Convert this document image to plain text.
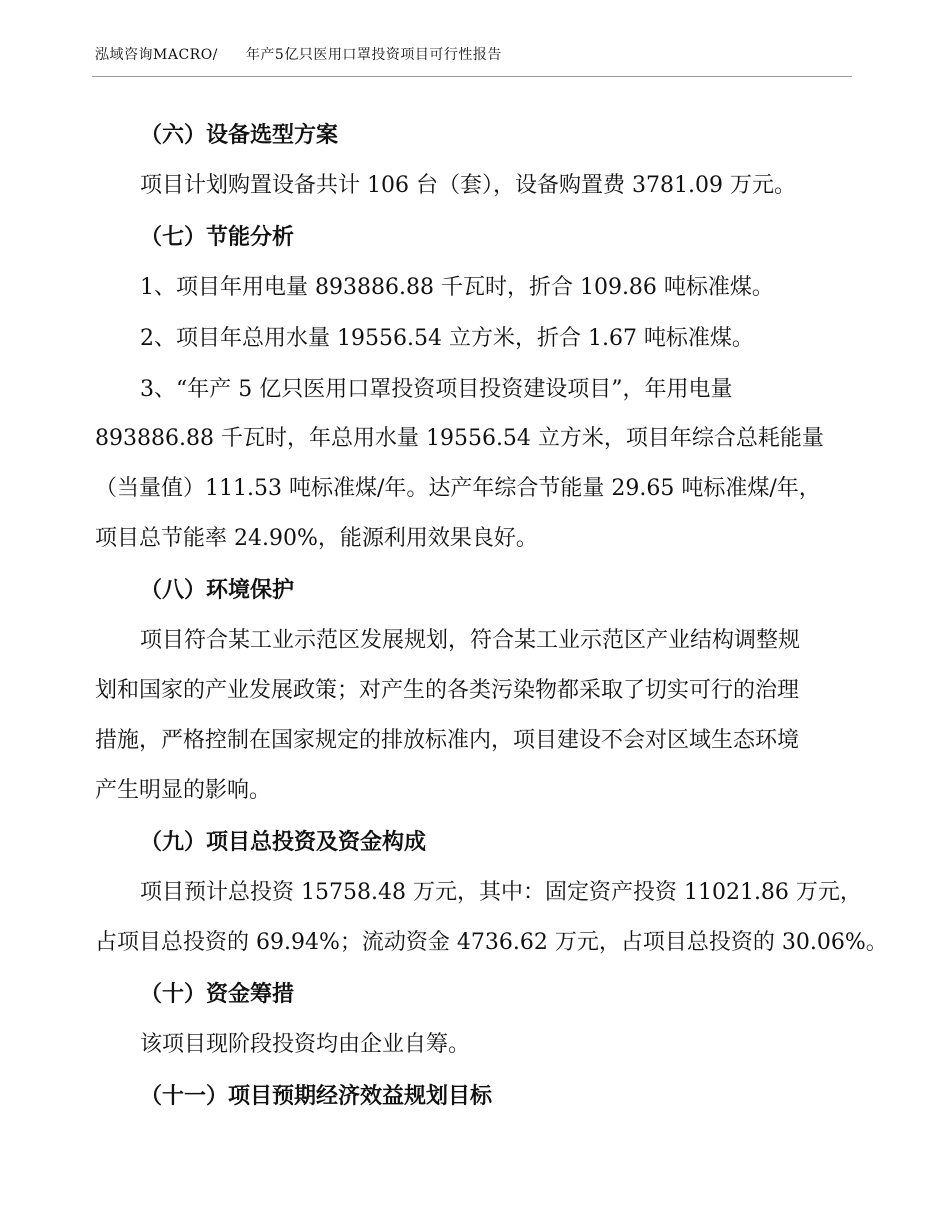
泓域咨询MACRO/ 年产5亿只医用口罩投资项目可行性报告
（六）设备选型方案
项目计划购置设备共计 106 台（套），设备购置费 3781.09 万元。
（七）节能分析
1、项目年用电量 893886.88 千瓦时，折合 109.86 吨标准煤。
2、项目年总用水量 19556.54 立方米，折合 1.67 吨标准煤。
3、“年产 5 亿只医用口罩投资项目投资建设项目”，年用电量
893886.88 千瓦时，年总用水量 19556.54 立方米，项目年综合总耗能量
（当量值）111.53 吨标准煤/年。达产年综合节能量 29.65 吨标准煤/年，
项目总节能率 24.90%，能源利用效果良好。
（八）环境保护
项目符合某工业示范区发展规划，符合某工业示范区产业结构调整规
划和国家的产业发展政策；对产生的各类污染物都采取了切实可行的治理
措施，严格控制在国家规定的排放标准内，项目建设不会对区域生态环境
产生明显的影响。
（九）项目总投资及资金构成
项目预计总投资 15758.48 万元，其中：固定资产投资 11021.86 万元，
占项目总投资的 69.94%；流动资金 4736.62 万元，占项目总投资的 30.06%。
（十）资金筹措
该项目现阶段投资均由企业自筹。
（十一）项目预期经济效益规划目标
